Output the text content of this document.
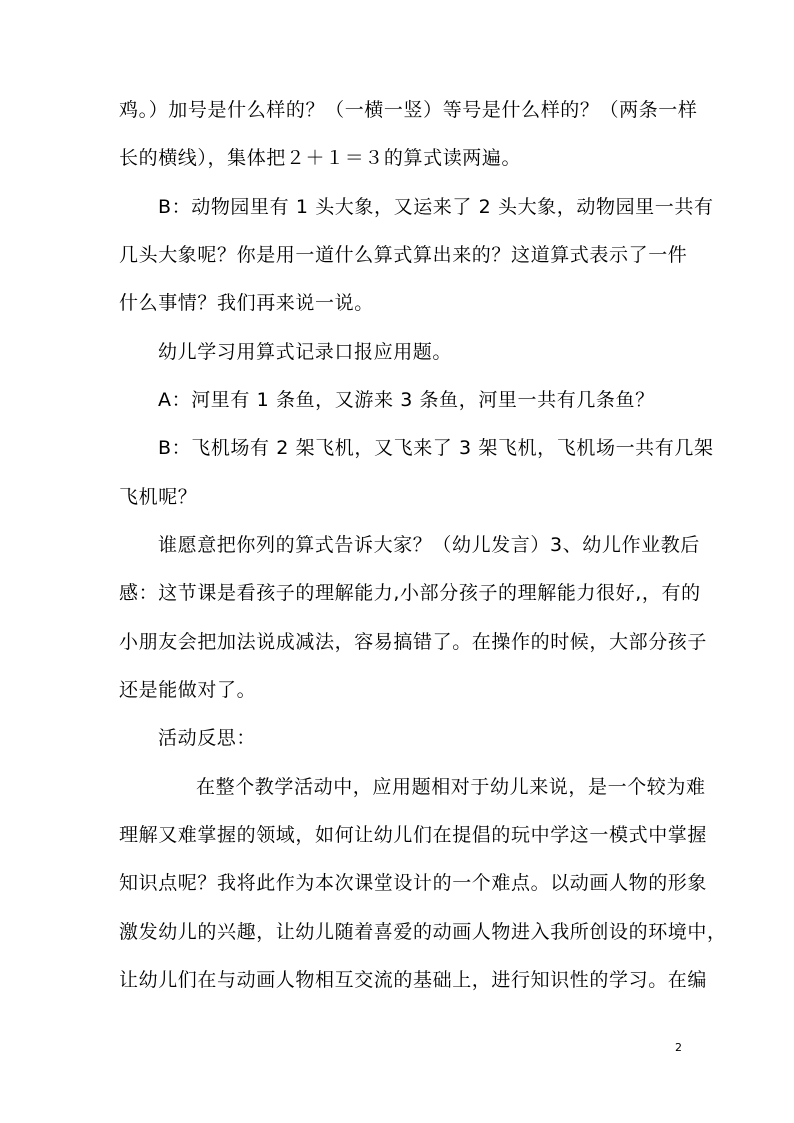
鸡。）加号是什么样的？（一横一竖）等号是什么样的？（两条一样
长的横线），集体把２＋１＝３的算式读两遍。
B：动物园里有 1 头大象，又运来了 2 头大象，动物园里一共有
几头大象呢？你是用一道什么算式算出来的？这道算式表示了一件
什么事情？我们再来说一说。
幼儿学习用算式记录口报应用题。
A：河里有 1 条鱼，又游来 3 条鱼，河里一共有几条鱼？
B：飞机场有 2 架飞机，又飞来了 3 架飞机，飞机场一共有几架
飞机呢？
谁愿意把你列的算式告诉大家？（幼儿发言）3、幼儿作业教后
感：这节课是看孩子的理解能力,小部分孩子的理解能力很好,，有的
小朋友会把加法说成减法，容易搞错了。在操作的时候，大部分孩子
还是能做对了。
活动反思：
在整个教学活动中，应用题相对于幼儿来说，是一个较为难
理解又难掌握的领域，如何让幼儿们在提倡的玩中学这一模式中掌握
知识点呢？我将此作为本次课堂设计的一个难点。以动画人物的形象
激发幼儿的兴趣，让幼儿随着喜爱的动画人物进入我所创设的环境中，
让幼儿们在与动画人物相互交流的基础上，进行知识性的学习。在编
2
